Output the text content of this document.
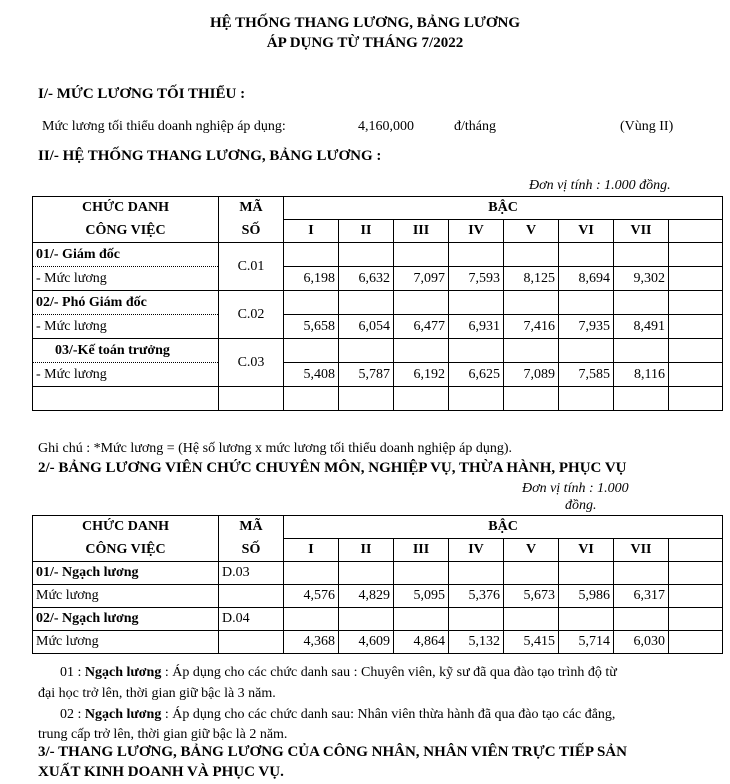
HỆ THỐNG THANG LƯƠNG, BẢNG LƯƠNG
ÁP DỤNG TỪ THÁNG 7/2022
I/- MỨC LƯƠNG TỐI THIỂU :
Mức lương tối thiểu doanh nghiệp áp dụng:	4,160,000	đ/tháng	(Vùng II)
II/- HỆ THỐNG THANG LƯƠNG, BẢNG LƯƠNG :
Đơn vị tính : 1.000 đồng.
CHỨC DANH	MÃ	BẬC							
CÔNG VIỆC	SỐ	I	II	III	IV	V	VI	VII	
01/- Giám đốc	C.01								
- Mức lương		6,198	6,632	7,097	7,593	8,125	8,694	9,302	
02/- Phó Giám đốc	C.02								
- Mức lương		5,658	6,054	6,477	6,931	7,416	7,935	8,491	
03/-Kế toán trưởng	C.03								
- Mức lương		5,408	5,787	6,192	6,625	7,089	7,585	8,116	

Ghi chú : *Mức lương = (Hệ số lương x mức lương tối thiểu doanh nghiệp áp dụng).
2/- BẢNG LƯƠNG VIÊN CHỨC CHUYÊN MÔN, NGHIỆP VỤ, THỪA HÀNH, PHỤC VỤ
Đơn vị tính : 1.000
đồng.
CHỨC DANH	MÃ	BẬC							
CÔNG VIỆC	SỐ	I	II	III	IV	V	VI	VII	
01/- Ngạch lương	D.03								
Mức lương		4,576	4,829	5,095	5,376	5,673	5,986	6,317	
02/- Ngạch lương	D.04								
Mức lương		4,368	4,609	4,864	5,132	5,415	5,714	6,030	
01 : Ngạch lương : Áp dụng cho các chức danh sau : Chuyên viên, kỹ sư đã qua đào tạo trình độ từ
đại học trở lên, thời gian giữ bậc là 3 năm.
02 : Ngạch lương : Áp dụng cho các chức danh sau: Nhân viên thừa hành đã qua đào tạo các đẳng,
trung cấp trở lên, thời gian giữ bậc là 2 năm.
3/- THANG LƯƠNG, BẢNG LƯƠNG CỦA CÔNG NHÂN, NHÂN VIÊN TRỰC TIẾP SẢN
XUẤT KINH DOANH VÀ PHỤC VỤ.
